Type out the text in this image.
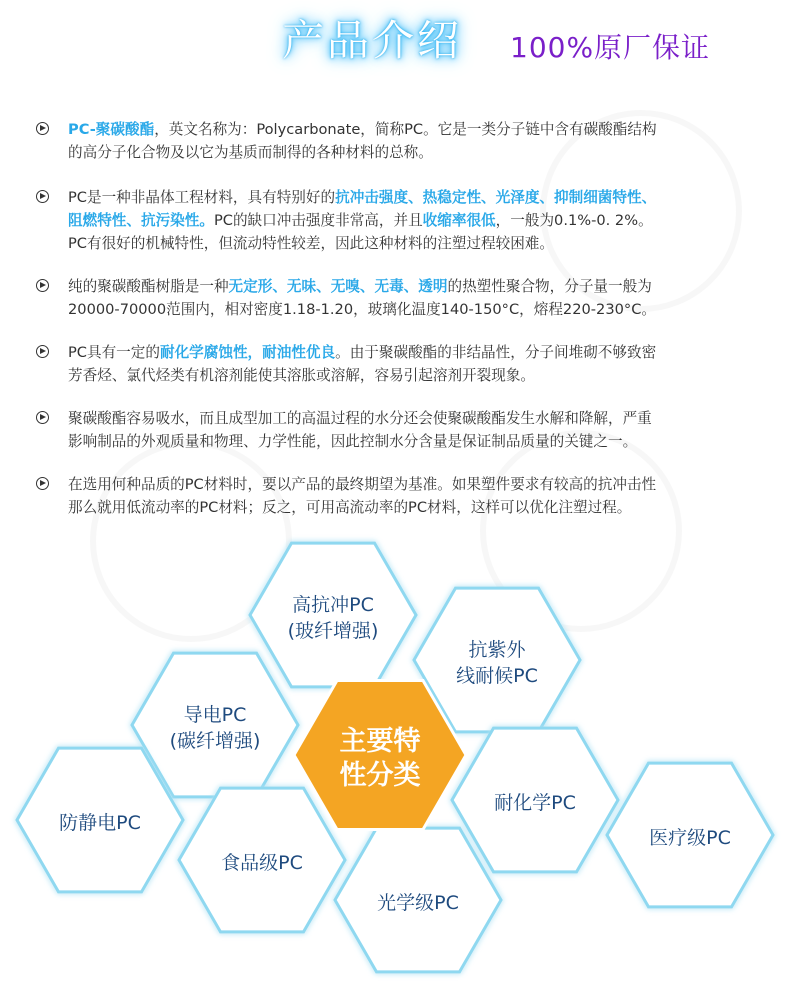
产品介绍 100%原厂保证
PC-聚碳酸酯，英文名称为：Polycarbonate，简称PC。它是一类分子链中含有碳酸酯结构
的高分子化合物及以它为基质而制得的各种材料的总称。
PC是一种非晶体工程材料，具有特别好的抗冲击强度、热稳定性、光泽度、抑制细菌特性、
阻燃特性、抗污染性。PC的缺口冲击强度非常高，并且收缩率很低，一般为0.1%-0. 2%。
PC有很好的机械特性，但流动特性较差，因此这种材料的注塑过程较困难。
纯的聚碳酸酯树脂是一种无定形、无味、无嗅、无毒、透明的热塑性聚合物，分子量一般为
20000-70000范围内，相对密度1.18-1.20，玻璃化温度140-150°C，熔程220-230°C。
PC具有一定的耐化学腐蚀性，耐油性优良。由于聚碳酸酯的非结晶性，分子间堆砌不够致密
芳香烃、氯代烃类有机溶剂能使其溶胀或溶解，容易引起溶剂开裂现象。
聚碳酸酯容易吸水，而且成型加工的高温过程的水分还会使聚碳酸酯发生水解和降解，严重
影响制品的外观质量和物理、力学性能，因此控制水分含量是保证制品质量的关键之一。
在选用何种品质的PC材料时，要以产品的最终期望为基准。如果塑件要求有较高的抗冲击性
那么就用低流动率的PC材料；反之，可用高流动率的PC材料，这样可以优化注塑过程。
高抗冲PC
(玻纤增强)
抗紫外
线耐候PC
导电PC
(碳纤增强)
耐化学PC
防静电PC
食品级PC
医疗级PC
光学级PC
主要特
性分类
